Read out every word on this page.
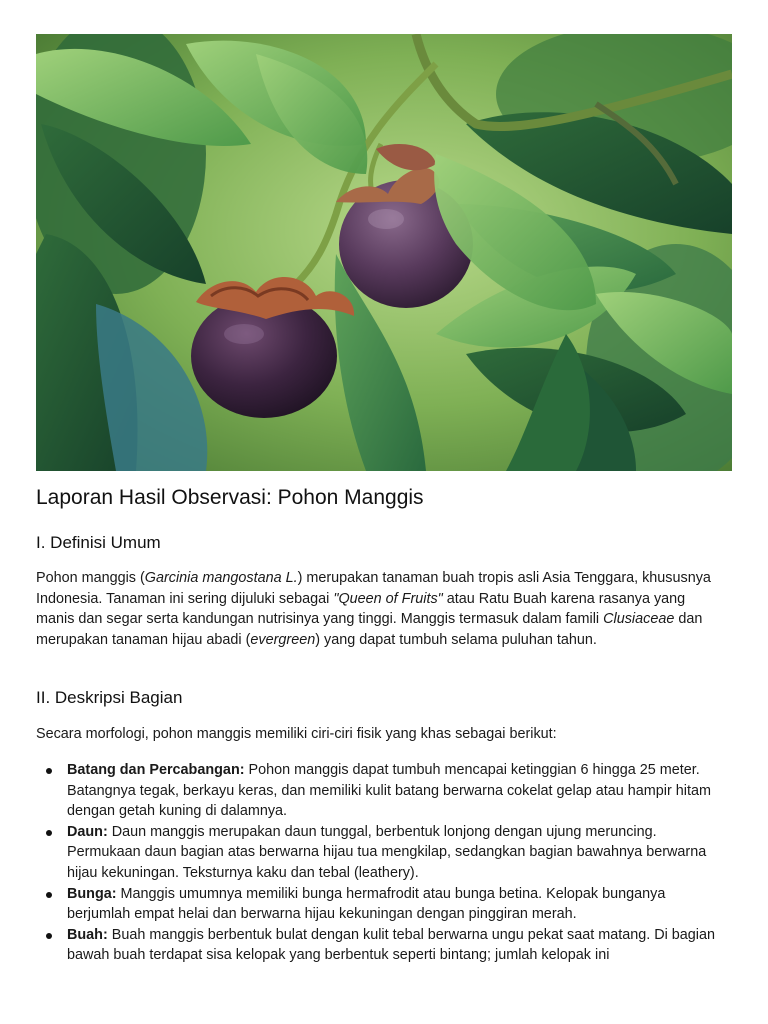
Laporan Hasil Observasi: Pohon Manggis
I. Definisi Umum

Pohon manggis (Garcinia mangostana L.) merupakan tanaman buah tropis asli Asia Tenggara, khususnya Indonesia. Tanaman ini sering dijuluki sebagai "Queen of Fruits" atau Ratu Buah karena rasanya yang manis dan segar serta kandungan nutrisinya yang tinggi. Manggis termasuk dalam famili Clusiaceae dan merupakan tanaman hijau abadi (evergreen) yang dapat tumbuh selama puluhan tahun.

II. Deskripsi Bagian

Secara morfologi, pohon manggis memiliki ciri-ciri fisik yang khas sebagai berikut:

Batang dan Percabangan: Pohon manggis dapat tumbuh mencapai ketinggian 6 hingga 25 meter. Batangnya tegak, berkayu keras, dan memiliki kulit batang berwarna cokelat gelap atau hampir hitam dengan getah kuning di dalamnya.
Daun: Daun manggis merupakan daun tunggal, berbentuk lonjong dengan ujung meruncing. Permukaan daun bagian atas berwarna hijau tua mengkilap, sedangkan bagian bawahnya berwarna hijau kekuningan. Teksturnya kaku dan tebal (leathery).
Bunga: Manggis umumnya memiliki bunga hermafrodit atau bunga betina. Kelopak bunganya berjumlah empat helai dan berwarna hijau kekuningan dengan pinggiran merah.
Buah: Buah manggis berbentuk bulat dengan kulit tebal berwarna ungu pekat saat matang. Di bagian bawah buah terdapat sisa kelopak yang berbentuk seperti bintang; jumlah kelopak ini
